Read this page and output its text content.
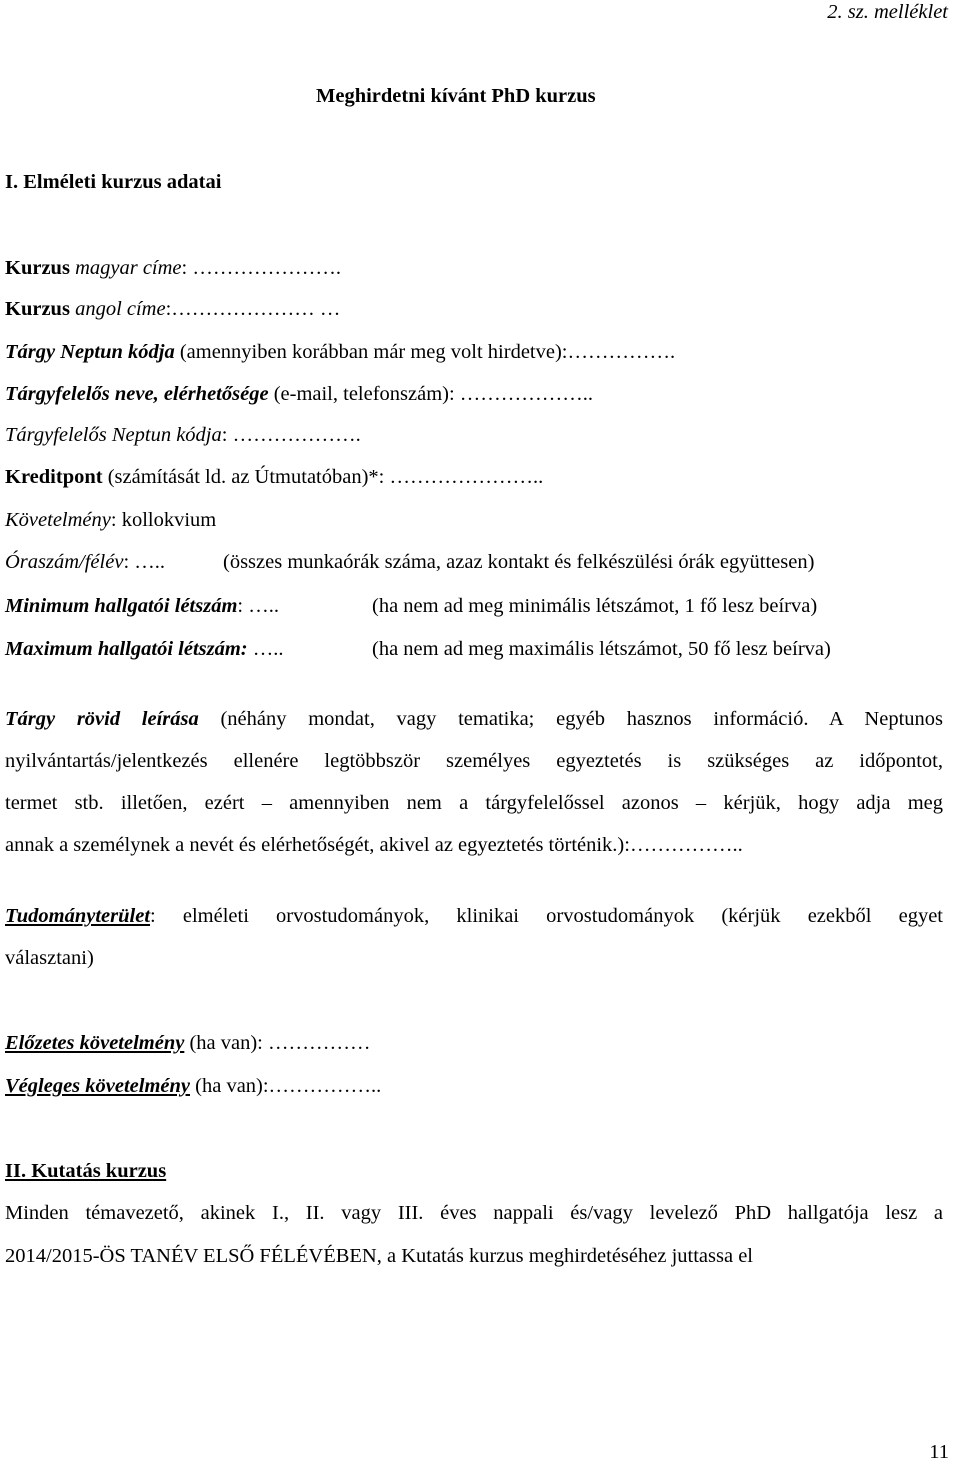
2. sz. melléklet
Meghirdetni kívánt PhD kurzus
I. Elméleti kurzus adatai
Kurzus magyar címe: ………………….
Kurzus angol címe:………………… …
Tárgy Neptun kódja (amennyiben korábban már meg volt hirdetve):…………….
Tárgyfelelős neve, elérhetősége (e-mail, telefonszám): ………………..
Tárgyfelelős Neptun kódja: ……………….
Kreditpont (számítását ld. az Útmutatóban)*: …………………..
Követelmény: kollokvium
Óraszám/félév: …..	(összes munkaórák száma, azaz kontakt és felkészülési órák együttesen)
Minimum hallgatói létszám: …..	(ha nem ad meg minimális létszámot, 1 fő lesz beírva)
Maximum hallgatói létszám: …..	(ha nem ad meg maximális létszámot, 50 fő lesz beírva)
Tárgy rövid leírása (néhány mondat, vagy tematika; egyéb hasznos információ. A Neptunos
nyilvántartás/jelentkezés ellenére legtöbbször személyes egyeztetés is szükséges az időpontot,
termet stb. illetően, ezért – amennyiben nem a tárgyfelelőssel azonos – kérjük, hogy adja meg
annak a személynek a nevét és elérhetőségét, akivel az egyeztetés történik.):……………..
Tudományterület: elméleti orvostudományok, klinikai orvostudományok (kérjük ezekből egyet
választani)
Előzetes követelmény (ha van): ……………
Végleges követelmény (ha van):……………..
II. Kutatás kurzus
Minden témavezető, akinek I., II. vagy III. éves nappali és/vagy levelező PhD hallgatója lesz a
2014/2015-ÖS TANÉV ELSŐ FÉLÉVÉBEN, a Kutatás kurzus meghirdetéséhez juttassa el
11
